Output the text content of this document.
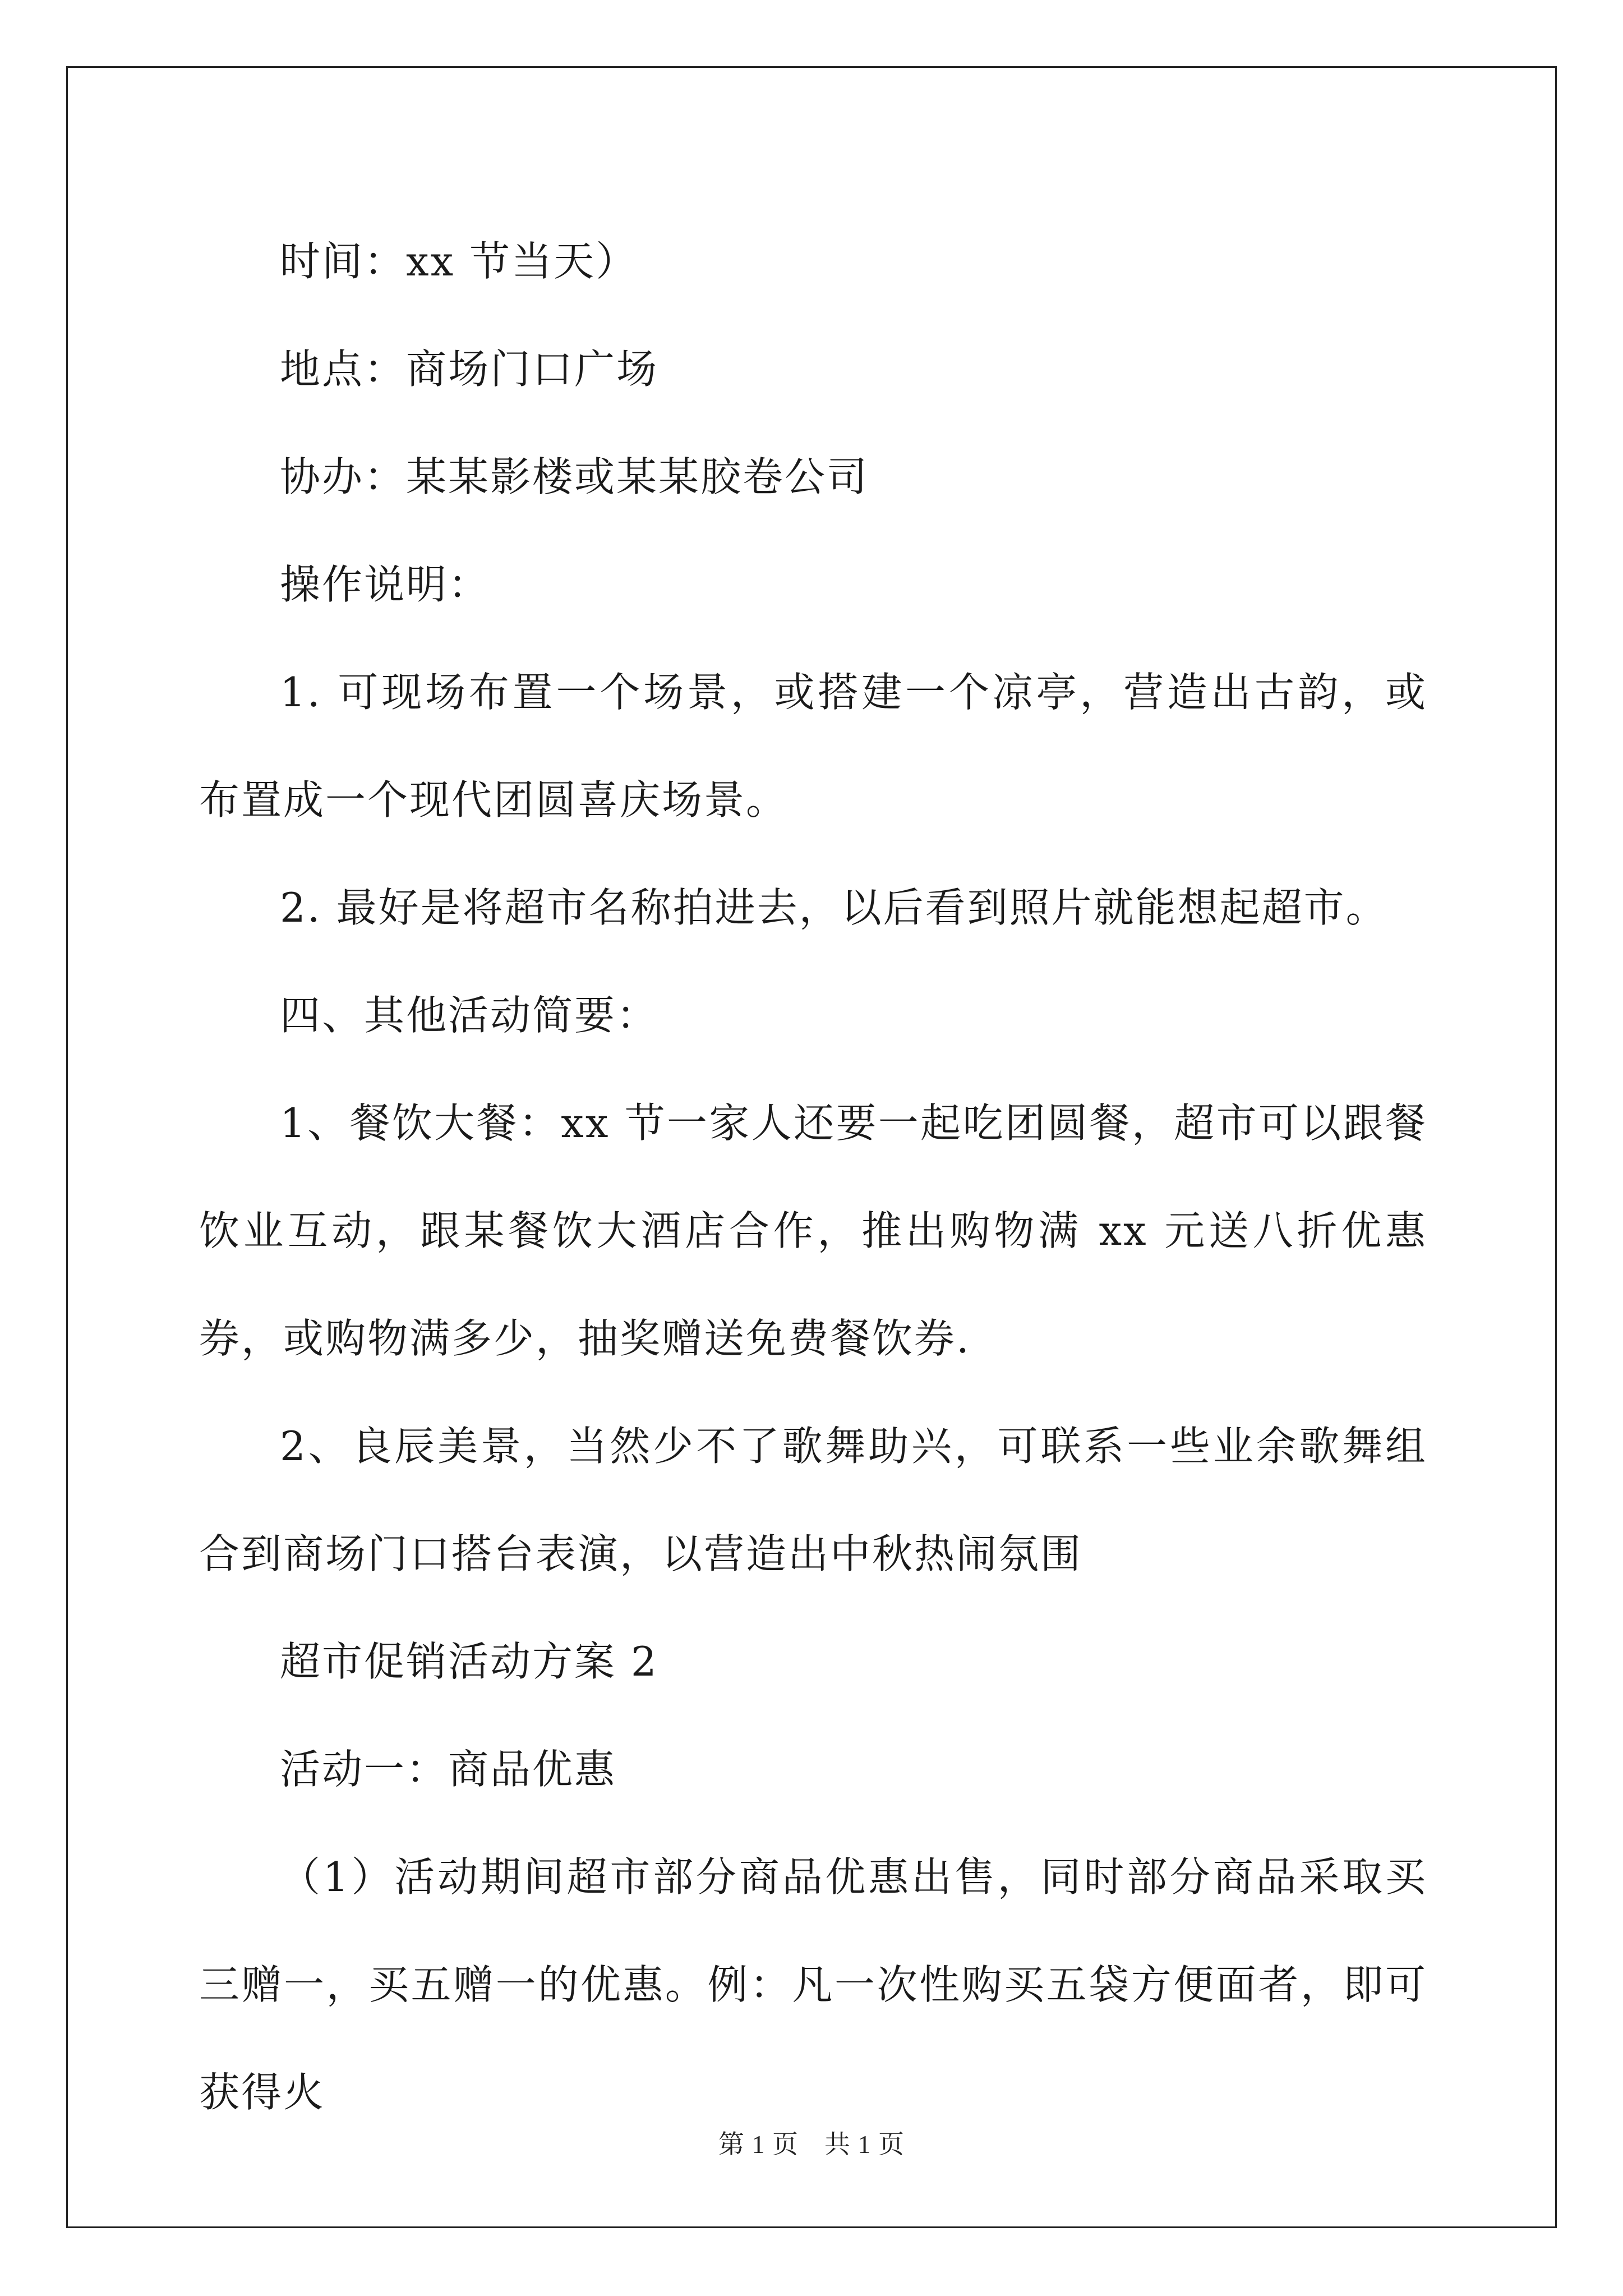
时间：xx 节当天）

地点：商场门口广场

协办：某某影楼或某某胶卷公司

操作说明：

1. 可现场布置一个场景，或搭建一个凉亭，营造出古韵，或布置成一个现代团圆喜庆场景。

2. 最好是将超市名称拍进去，以后看到照片就能想起超市。

四、其他活动简要：

1、餐饮大餐：xx 节一家人还要一起吃团圆餐，超市可以跟餐饮业互动，跟某餐饮大酒店合作，推出购物满 xx 元送八折优惠券，或购物满多少，抽奖赠送免费餐饮券.

2、良辰美景，当然少不了歌舞助兴，可联系一些业余歌舞组合到商场门口搭台表演，以营造出中秋热闹氛围

超市促销活动方案 2

活动一：商品优惠

（1）活动期间超市部分商品优惠出售，同时部分商品采取买三赠一，买五赠一的优惠。例：凡一次性购买五袋方便面者，即可获得火

第 1 页 共 1 页
